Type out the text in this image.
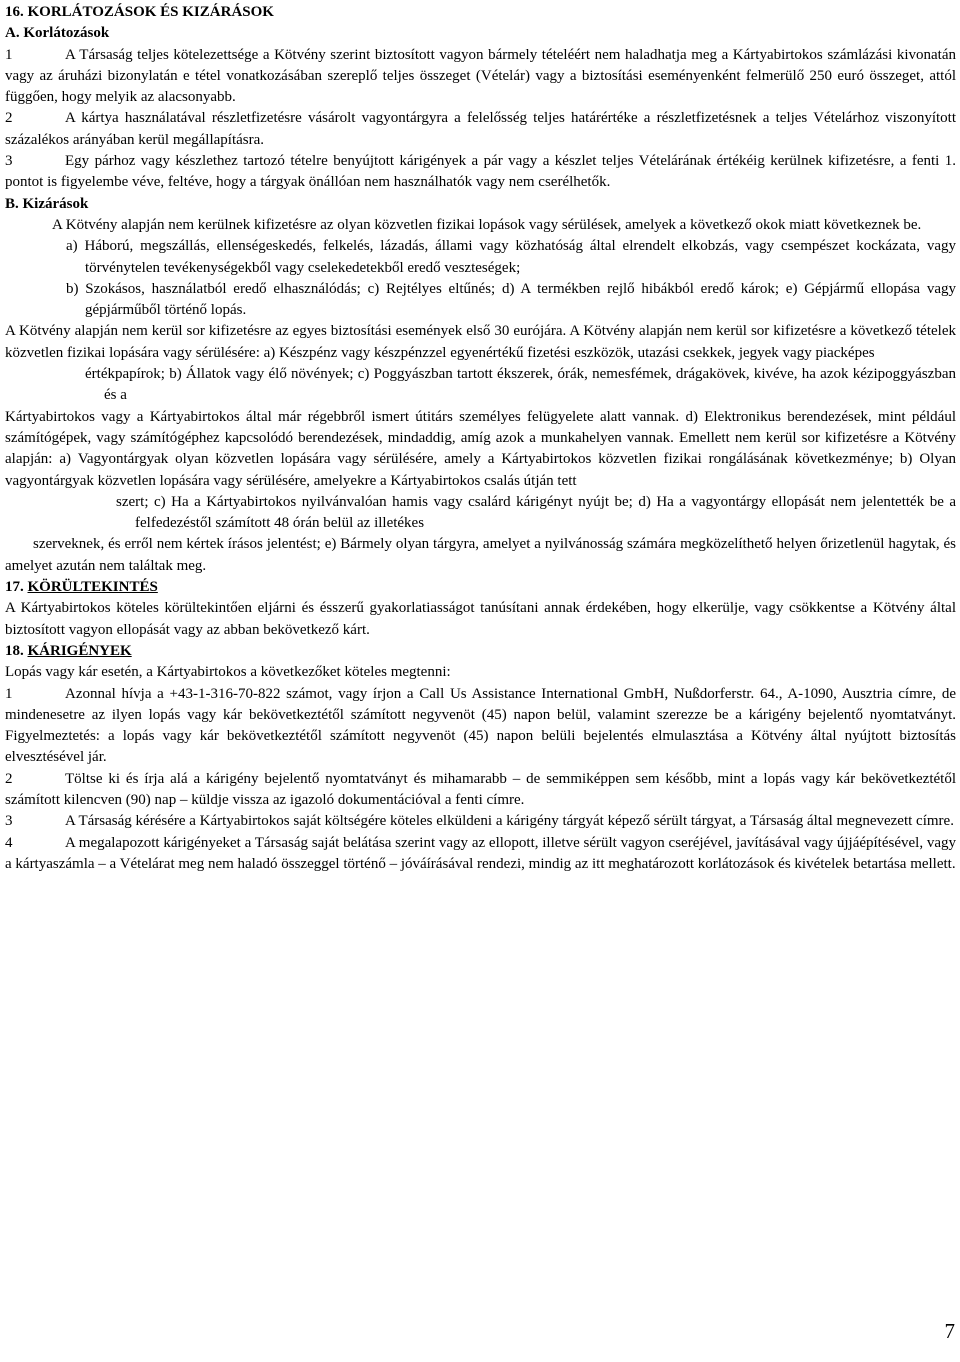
16. KORLÁTOZÁSOK ÉS KIZÁRÁSOK

A. Korlátozások

1	A Társaság teljes kötelezettsége a Kötvény szerint biztosított vagyon bármely tételéért nem haladhatja meg a Kártyabirtokos számlázási kivonatán vagy az áruházi bizonylatán e tétel vonatkozásában szereplő teljes összeget (Vételár) vagy a biztosítási eseményenként felmerülő 250 euró összeget, attól függően, hogy melyik az alacsonyabb.

2	A kártya használatával részletfizetésre vásárolt vagyontárgyra a felelősség teljes határértéke a részletfizetésnek a teljes Vételárhoz viszonyított százalékos arányában kerül megállapításra.

3	Egy párhoz vagy készlethez tartozó tételre benyújtott kárigények a pár vagy a készlet teljes Vételárának értékéig kerülnek kifizetésre, a fenti 1. pontot is figyelembe véve, feltéve, hogy a tárgyak önállóan nem használhatók vagy nem cserélhetők.

B. Kizárások

A Kötvény alapján nem kerülnek kifizetésre az olyan közvetlen fizikai lopások vagy sérülések, amelyek a következő okok miatt következnek be.

a) Háború, megszállás, ellenségeskedés, felkelés, lázadás, állami vagy közhatóság által elrendelt elkobzás, vagy csempészet kockázata, vagy törvénytelen tevékenységekből vagy cselekedetekből eredő veszteségek;

b) Szokásos, használatból eredő elhasználódás; c) Rejtélyes eltűnés; d) A termékben rejlő hibákból eredő károk; e) Gépjármű ellopása vagy gépjárműből történő lopás.

A Kötvény alapján nem kerül sor kifizetésre az egyes biztosítási események első 30 eurójára. A Kötvény alapján nem kerül sor kifizetésre a következő tételek közvetlen fizikai lopására vagy sérülésére: a) Készpénz vagy készpénzzel egyenértékű fizetési eszközök, utazási csekkek, jegyek vagy piacképes

értékpapírok; b) Állatok vagy élő növények; c) Poggyászban tartott ékszerek, órák, nemesfémek, drágakövek, kivéve, ha azok kézipoggyászban és a

Kártyabirtokos vagy a Kártyabirtokos által már régebbről ismert útitárs személyes felügyelete alatt vannak. d) Elektronikus berendezések, mint például számítógépek, vagy számítógéphez kapcsolódó berendezések, mindaddig, amíg azok a munkahelyen vannak. Emellett nem kerül sor kifizetésre a Kötvény alapján: a) Vagyontárgyak olyan közvetlen lopására vagy sérülésére, amely a Kártyabirtokos közvetlen fizikai rongálásának következménye; b) Olyan vagyontárgyak közvetlen lopására vagy sérülésére, amelyekre a Kártyabirtokos csalás útján tett

szert; c) Ha a Kártyabirtokos nyilvánvalóan hamis vagy csalárd kárigényt nyújt be; d) Ha a vagyontárgy ellopását nem jelentették be a felfedezéstől számított 48 órán belül az illetékes

szerveknek, és erről nem kértek írásos jelentést; e) Bármely olyan tárgyra, amelyet a nyilvánosság számára megközelíthető helyen őrizetlenül hagytak, és amelyet azután nem találtak meg.

17. KÖRÜLTEKINTÉS

A Kártyabirtokos köteles körültekintően eljárni és ésszerű gyakorlatiasságot tanúsítani annak érdekében, hogy elkerülje, vagy csökkentse a Kötvény által biztosított vagyon ellopását vagy az abban bekövetkező kárt.

18. KÁRIGÉNYEK

Lopás vagy kár esetén, a Kártyabirtokos a következőket köteles megtenni:

1	Azonnal hívja a +43-1-316-70-822 számot, vagy írjon a Call Us Assistance International GmbH, Nußdorferstr. 64., A-1090, Ausztria címre, de mindenesetre az ilyen lopás vagy kár bekövetkeztétől számított negyvenöt (45) napon belül, valamint szerezze be a kárigény bejelentő nyomtatványt. Figyelmeztetés: a lopás vagy kár bekövetkeztétől számított negyvenöt (45) napon belüli bejelentés elmulasztása a Kötvény által nyújtott biztosítás elvesztésével jár.

2	Töltse ki és írja alá a kárigény bejelentő nyomtatványt és mihamarabb – de semmiképpen sem később, mint a lopás vagy kár bekövetkeztétől számított kilencven (90) nap – küldje vissza az igazoló dokumentációval a fenti címre.

3	A Társaság kérésére a Kártyabirtokos saját költségére köteles elküldeni a kárigény tárgyát képező sérült tárgyat, a Társaság által megnevezett címre.

4	A megalapozott kárigényeket a Társaság saját belátása szerint vagy az ellopott, illetve sérült vagyon cseréjével, javításával vagy újjáépítésével, vagy a kártyaszámla – a Vételárat meg nem haladó összeggel történő – jóváírásával rendezi, mindig az itt meghatározott korlátozások és kivételek betartása mellett.

7
